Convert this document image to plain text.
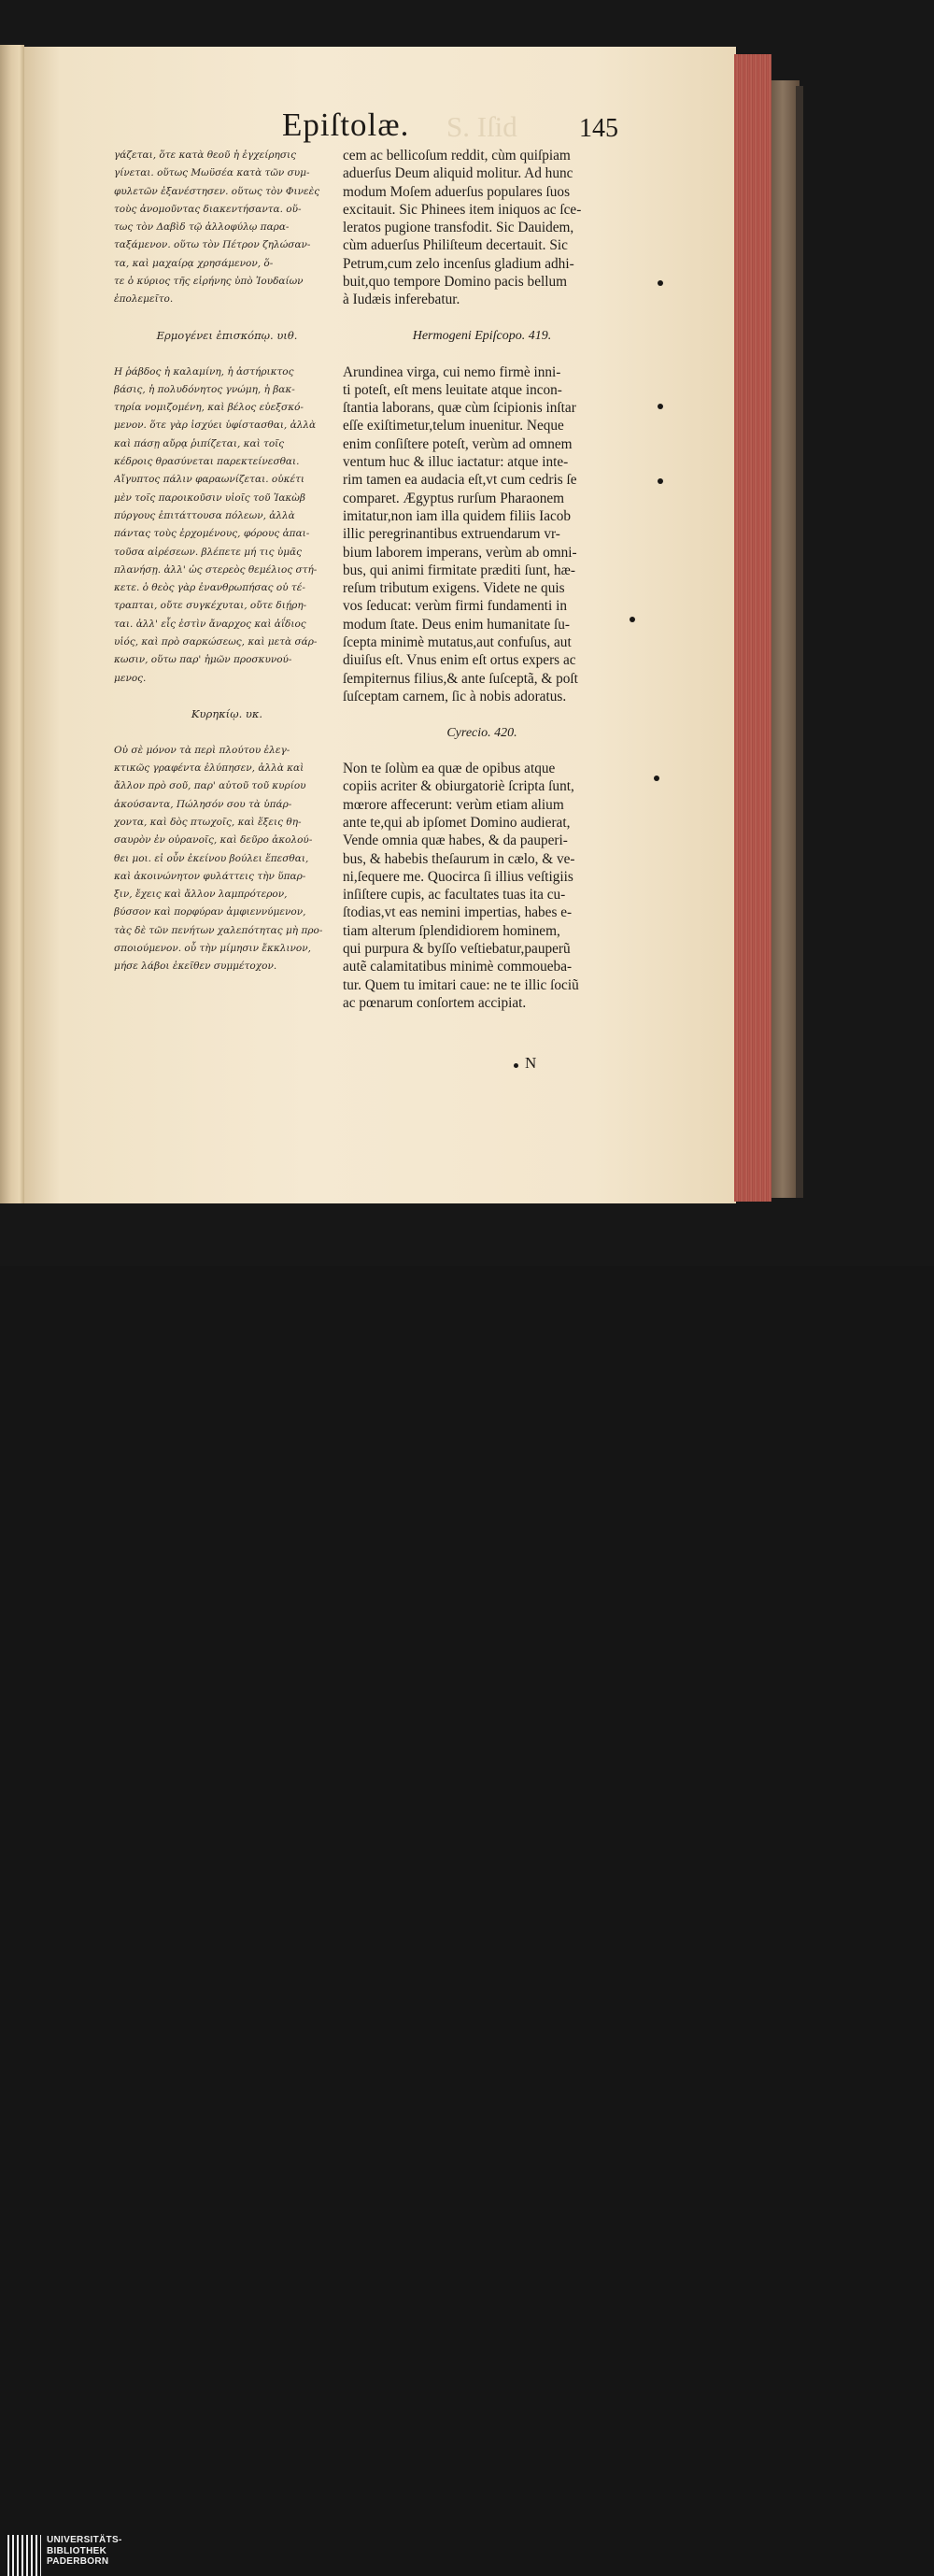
S. Iſid
Epiſtolæ.	145
γάζεται, ὅτε κατὰ θεοῦ ἡ ἐγχείρησις
γίνεται. οὕτως Μωϋσέα κατὰ τῶν συμ-
φυλετῶν ἐξανέστησεν. οὕτως τὸν Φινεὲς
τοὺς ἀνομοῦντας διακεντήσαντα. οὕ-
τως τὸν Δαβὶδ τῷ ἀλλοφύλῳ παρα-
ταξάμενον. οὕτω τὸν Πέτρον ζηλώσαν-
τα, καὶ μαχαίρᾳ χρησάμενον, ὅ-
τε ὁ κύριος τῆς εἰρήνης ὑπὸ Ἰουδαίων
ἐπολεμεῖτο.
Ερμογένει ἐπισκόπῳ. υιθ.
Η ῥάβδος ἡ καλαμίνη, ἡ ἀστήρικτος
βάσις, ἡ πολυδόνητος γνώμη, ἡ βακ-
τηρία νομιζομένη, καὶ βέλος εὐεξσκό-
μενον. ὅτε γὰρ ἰσχύει ὑφίστασθαι, ἀλλὰ
καὶ πάσῃ αὔρᾳ ῥιπίζεται, καὶ τοῖς
κέδροις θρασύνεται παρεκτείνεσθαι.
Αἴγυπτος πάλιν φαραωνίζεται. οὐκέτι
μὲν τοῖς παροικοῦσιν υἱοῖς τοῦ Ἰακὼβ
πύργους ἐπιτάττουσα πόλεων, ἀλλὰ
πάντας τοὺς ἐρχομένους, φόρους ἀπαι-
τοῦσα αἱρέσεων. βλέπετε μή τις ὑμᾶς
πλανήσῃ. ἀλλ' ὡς στερεὸς θεμέλιος στή-
κετε. ὁ θεὸς γὰρ ἐνανθρωπήσας οὐ τέ-
τραπται, οὔτε συγκέχυται, οὔτε διῄρη-
ται. ἀλλ' εἷς ἐστὶν ἄναρχος καὶ ἀΐδιος
υἱός, καὶ πρὸ σαρκώσεως, καὶ μετὰ σάρ-
κωσιν, οὕτω παρ' ἡμῶν προσκυνού-
μενος.
Κυρηκίῳ. υκ.
Οὐ σὲ μόνον τὰ περὶ πλούτου ἐλεγ-
κτικῶς γραφέντα ἐλύπησεν, ἀλλὰ καὶ
ἄλλον πρὸ σοῦ, παρ' αὐτοῦ τοῦ κυρίου
ἀκούσαντα, Πώλησόν σου τὰ ὑπάρ-
χοντα, καὶ δὸς πτωχοῖς, καὶ ἕξεις θη-
σαυρὸν ἐν οὐρανοῖς, καὶ δεῦρο ἀκολού-
θει μοι. εἰ οὖν ἐκείνου βούλει ἕπεσθαι,
καὶ ἀκοινώνητον φυλάττεις τὴν ὕπαρ-
ξιν, ἔχεις καὶ ἄλλον λαμπρότερον,
βύσσον καὶ πορφύραν ἀμφιεννύμενον,
τὰς δὲ τῶν πενήτων χαλεπότητας μὴ προ-
σποιούμενον. οὗ τὴν μίμησιν ἔκκλινον,
μήσε λάβοι ἐκεῖθεν συμμέτοχον.
cem ac bellicoſum reddit, cùm quiſpiam
aduerſus Deum aliquid molitur. Ad hunc
modum Moſem aduerſus populares ſuos
excitauit. Sic Phinees item iniquos ac ſce-
leratos pugione transfodit. Sic Dauidem,
cùm aduerſus Philiſteum decertauit. Sic
Petrum,cum zelo incenſus gladium adhi-
buit,quo tempore Domino pacis bellum
à Iudæis inferebatur.
Hermogeni Epiſcopo. 419.
Arundinea virga, cui nemo firmè inni-
ti poteſt, eſt mens leuitate atque incon-
ſtantia laborans, quæ cùm ſcipionis inſtar
eſſe exiſtimetur,telum inuenitur. Neque
enim conſiſtere poteſt, verùm ad omnem
ventum huc & illuc iactatur: atque inte-
rim tamen ea audacia eſt,vt cum cedris ſe
comparet. Ægyptus rurſum Pharaonem
imitatur,non iam illa quidem filiis Iacob
illic peregrinantibus extruendarum vr-
bium laborem imperans, verùm ab omni-
bus, qui animi firmitate præditi ſunt, hæ-
reſum tributum exigens. Videte ne quis
vos ſeducat: verùm firmi fundamenti in
modum ſtate. Deus enim humanitate ſu-
ſcepta minimè mutatus,aut confuſus, aut
diuiſus eſt. Vnus enim eſt ortus expers ac
ſempiternus filius,& ante ſuſceptã, & poſt
ſuſceptam carnem, ſic à nobis adoratus.
Cyrecio. 420.
Non te ſolùm ea quæ de opibus atque
copiis acriter & obiurgatoriè ſcripta ſunt,
mœrore affecerunt: verùm etiam alium
ante te,qui ab ipſomet Domino audierat,
Vende omnia quæ habes, & da pauperi-
bus, & habebis theſaurum in cælo, & ve-
ni,ſequere me. Quocirca ſi illius veſtigiis
inſiſtere cupis, ac facultates tuas ita cu-
ſtodias,vt eas nemini impertias, habes e-
tiam alterum ſplendidiorem hominem,
qui purpura & byſſo veſtiebatur,pauperũ
autẽ calamitatibus minimè commoueba-
tur. Quem tu imitari caue: ne te illic ſociũ
ac pœnarum conſortem accipiat.
N
UNIVERSITÄTS-
BIBLIOTHEK
PADERBORN
